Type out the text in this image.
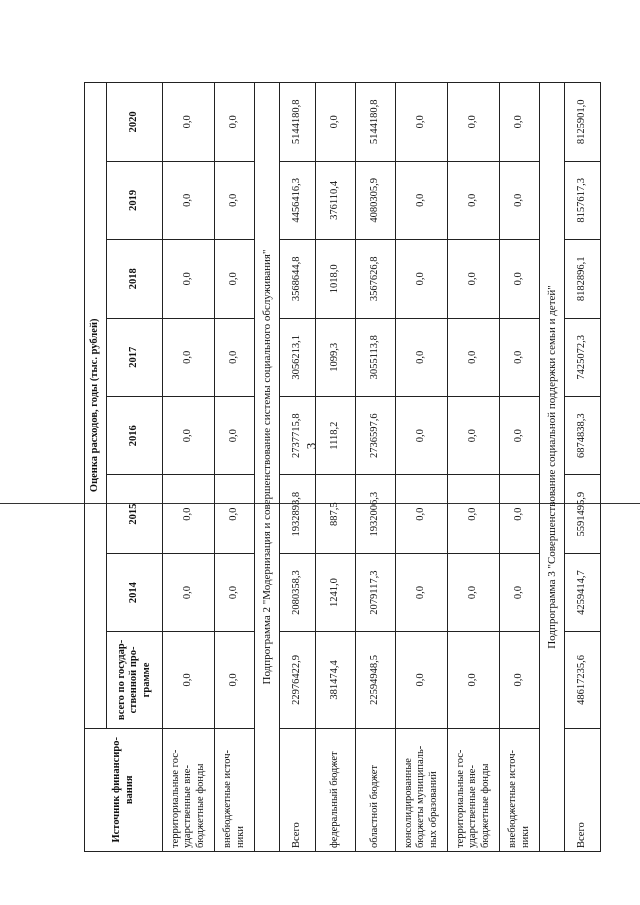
3
Источник финансиро-вания	Оценка расходов, годы (тыс. рублей)							
	всего по государ-ственной про-грамме	2014	2015	2016	2017	2018	2019	2020
территориальные гос-ударственные вне-бюджетные фонды	0,0	0,0	0,0	0,0	0,0	0,0	0,0	0,0
внебюджетные источ-ники	0,0	0,0	0,0	0,0	0,0	0,0	0,0	0,0
Подпрограмма 2 "Модернизация и совершенствование системы социального обслуживания"								
Всего	22976422,9	2080358,3	1932893,8	2737715,8	3056213,1	3568644,8	4456416,3	5144180,8
федеральный бюджет	381474,4	1241,0	887,5	1118,2	1099,3	1018,0	376110,4	0,0
областной бюджет	22594948,5	2079117,3	1932006,3	2736597,6	3055113,8	3567626,8	4080305,9	5144180,8
консолидированные бюджеты муниципаль-ных образований	0,0	0,0	0,0	0,0	0,0	0,0	0,0	0,0
территориальные гос-ударственные вне-бюджетные фонды	0,0	0,0	0,0	0,0	0,0	0,0	0,0	0,0
внебюджетные источ-ники	0,0	0,0	0,0	0,0	0,0	0,0	0,0	0,0
Подпрограмма 3 "Совершенствование социальной поддержки семьи и детей"								
Всего	48617235,6	4259414,7	5591495,9	6874838,3	7425072,3	8182896,1	8157617,3	8125901,0
